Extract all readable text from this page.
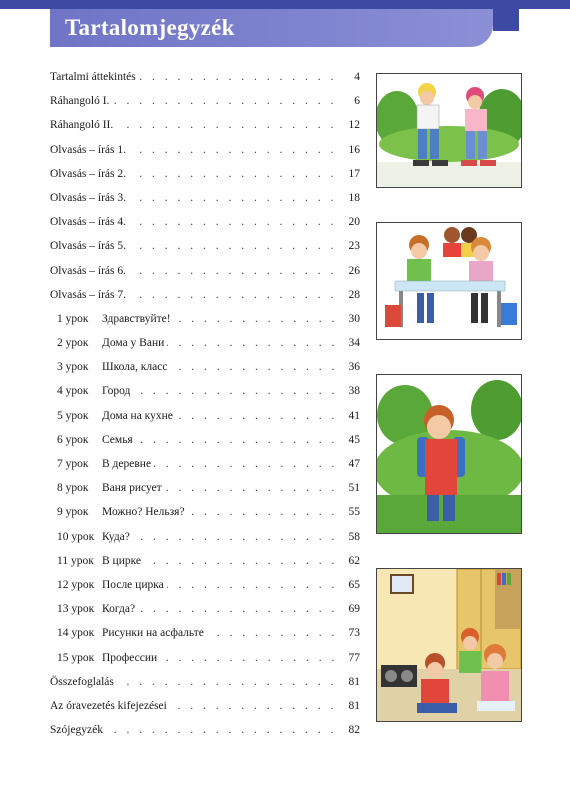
Tartalomjegyzék
. . .
Tartalmi áttekintés	4
. . .
Ráhangoló I.	6
. . .
Ráhangoló II.	12
. . .
Olvasás – írás 1.	16
. . .
Olvasás – írás 2.	17
. . .
Olvasás – írás 3.	18
. . .
Olvasás – írás 4.	20
. . .
Olvasás – írás 5.	23
. . .
Olvasás – írás 6.	26
. . .
Olvasás – írás 7.	28
1 урок . . .	Здравствуйте!	30
2 урок . . .	Дома у Вани	34
3 урок . . .	Школа, класс	36
4 урок . . .	Город	38
5 урок . . .	Дома на кухне	41
6 урок . . .	Семья	45
7 урок . . .	В деревне	47
8 урок . . .	Ваня рисует	51
9 урок . . .	Можно? Нельзя?	55
10 урок . . . Куда?	58
11 урок . . . В цирке	62
12 урок . . . После цирка	65
13 урок . . . Когда?	69
14 урок . . . Рисунки на асфальте	73
15 урок . . . Профессии	77
. . .
Összefoglalás	81
. . .
Az óravezetés kifejezései	81
. . .
Szójegyzék	82
